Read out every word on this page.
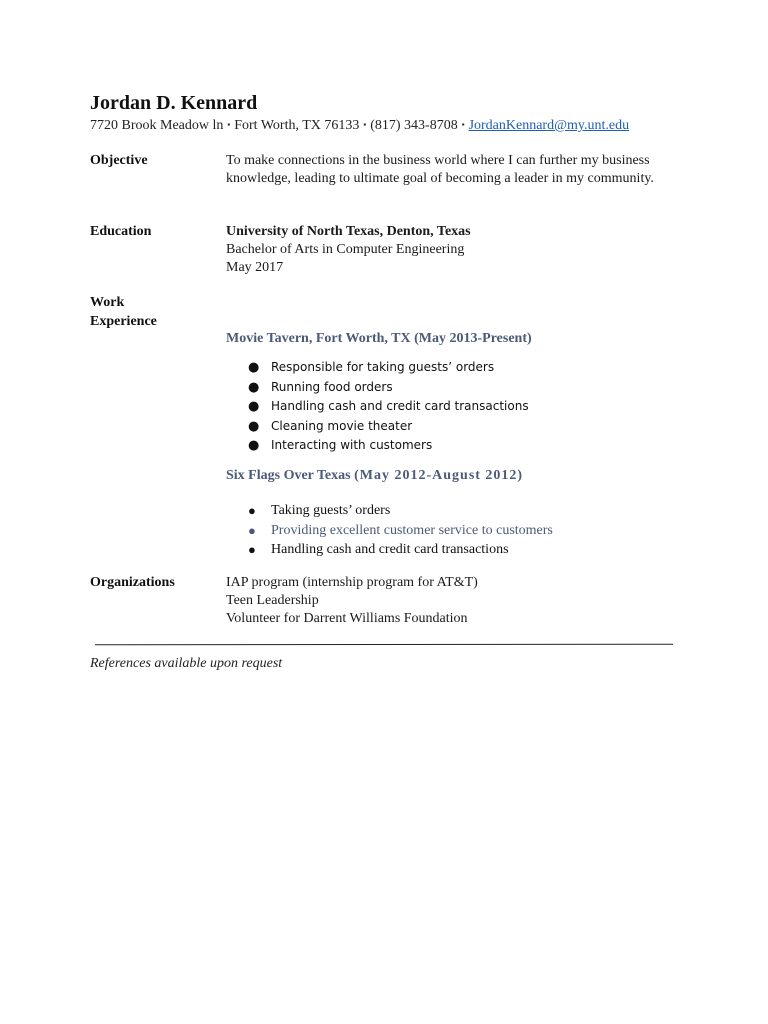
Jordan D. Kennard
7720 Brook Meadow ln ▪ Fort Worth, TX 76133 ▪ (817) 343-8708 ▪ JordanKennard@my.unt.edu
Objective	To make connections in the business world where I can further my business knowledge, leading to ultimate goal of becoming a leader in my community.
Education	University of North Texas, Denton, Texas
Bachelor of Arts in Computer Engineering
May 2017
Work
Experience
Movie Tavern, Fort Worth, TX (May 2013-Present)
● Responsible for taking guests’ orders
● Running food orders
● Handling cash and credit card transactions
● Cleaning movie theater
● Interacting with customers
Six Flags Over Texas (May 2012-August 2012)
● Taking guests’ orders
● Providing excellent customer service to customers
● Handling cash and credit card transactions
Organizations	IAP program (internship program for AT&T)
Teen Leadership
Volunteer for Darrent Williams Foundation
References available upon request
